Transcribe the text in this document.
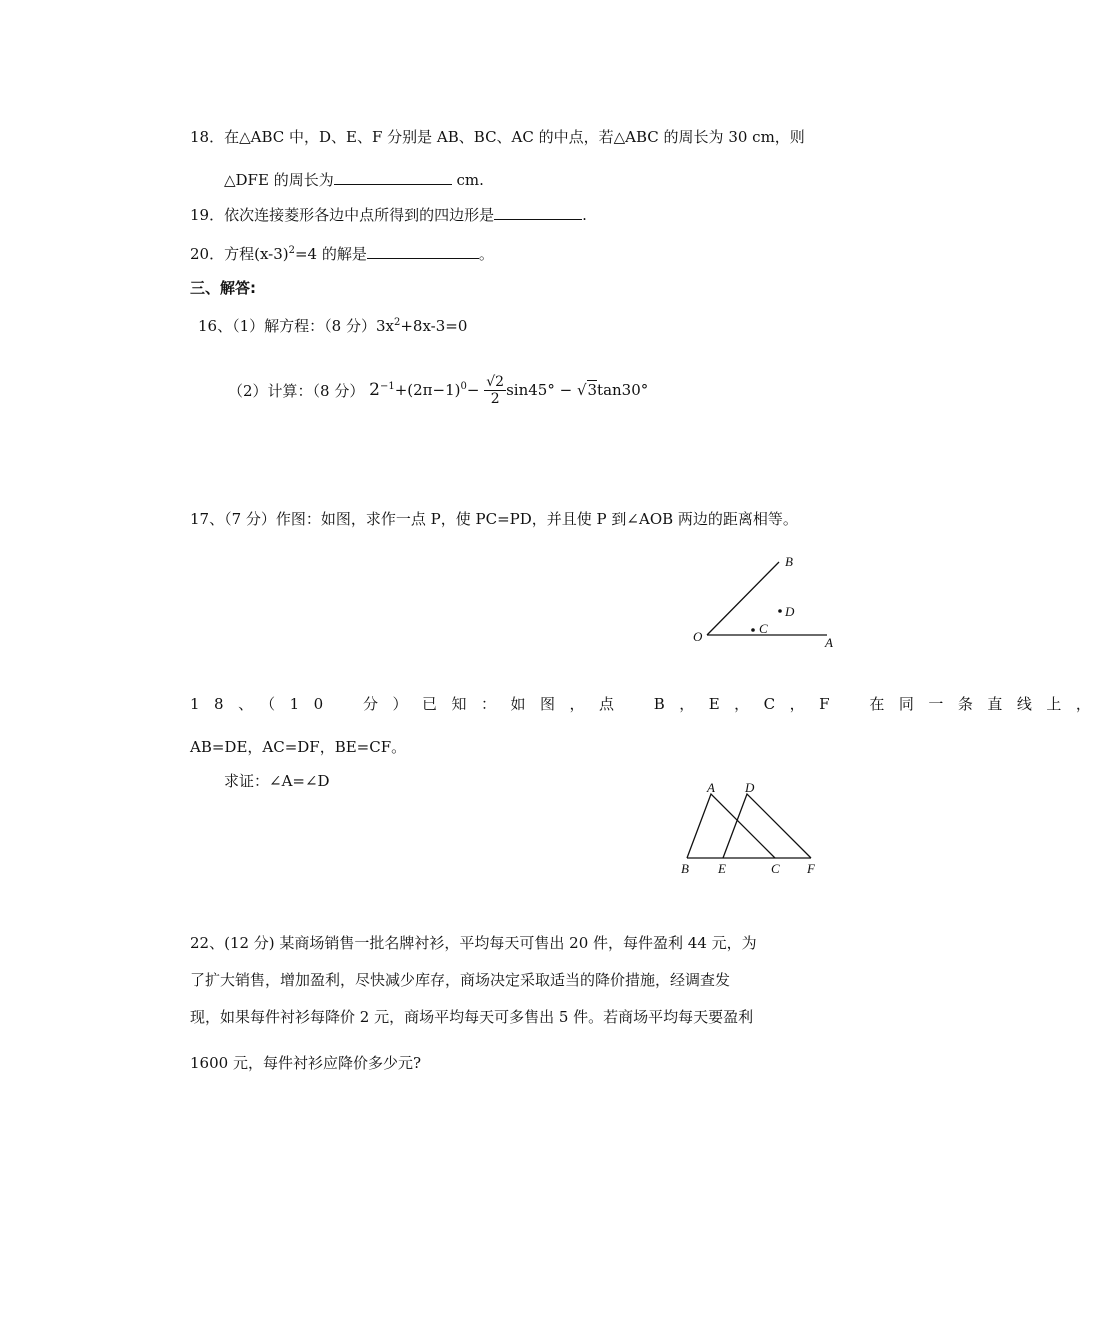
18．在△ABC 中，D、E、F 分别是 AB、BC、AC 的中点，若△ABC 的周长为 30 cm，则
△DFE 的周长为	cm.
19．依次连接菱形各边中点所得到的四边形是	.
20．方程$(x-3)^2=4$ 的解是	。
三、解答:
16、（1）解方程：（8 分）$3x^2+8x-3=0$
（2）计算：（8 分） $2^{-1}+(2\pi-1)^0- \frac{√2}{2} \sin 45^\circ - √3\tan 30^\circ$
17、（7 分）作图：如图，求作一点 P，使 PC=PD，并且使 P 到∠AOB 两边的距离相等。
B
D
C
O	A
18、（10 分）已知：如图，点 B，E，C，F 在同一条直线上，
AB=DE，AC=DF，BE=CF。
求证：∠A=∠D	A D
B E	C F
22、(12 分) 某商场销售一批名牌衬衫，平均每天可售出 20 件，每件盈利 44 元，为
了扩大销售，增加盈利，尽快减少库存，商场决定采取适当的降价措施，经调查发
现，如果每件衬衫每降价 2 元，商场平均每天可多售出 5 件。若商场平均每天要盈利
1600 元，每件衬衫应降价多少元?
